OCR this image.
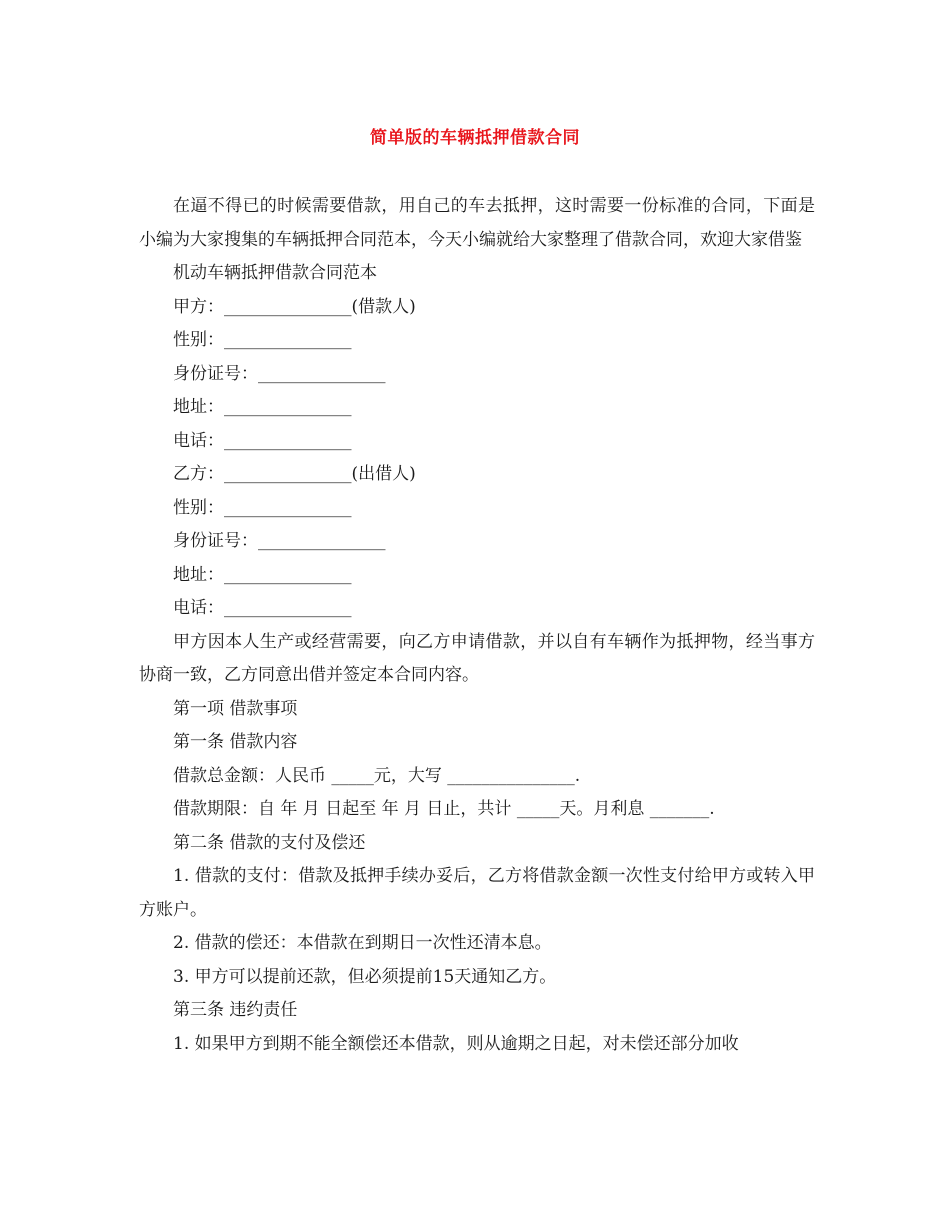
简单版的车辆抵押借款合同

在逼不得已的时候需要借款，用自己的车去抵押，这时需要一份标准的合同，下面是小编为大家搜集的车辆抵押合同范本，今天小编就给大家整理了借款合同，欢迎大家借鉴

机动车辆抵押借款合同范本

甲方：_______________(借款人)

性别：_______________

身份证号：_______________

地址：_______________

电话：_______________

乙方：_______________(出借人)

性别：_______________

身份证号：_______________

地址：_______________

电话：_______________

甲方因本人生产或经营需要，向乙方申请借款，并以自有车辆作为抵押物，经当事方协商一致，乙方同意出借并签定本合同内容。

第一项 借款事项

第一条 借款内容

借款总金额：人民币 _____元，大写 _______________.

借款期限：自 年 月 日起至 年 月 日止，共计 _____天。月利息 _______.

第二条 借款的支付及偿还

1. 借款的支付：借款及抵押手续办妥后，乙方将借款金额一次性支付给甲方或转入甲方账户。

2. 借款的偿还：本借款在到期日一次性还清本息。

3. 甲方可以提前还款，但必须提前15天通知乙方。

第三条 违约责任

1. 如果甲方到期不能全额偿还本借款，则从逾期之日起，对未偿还部分加收
